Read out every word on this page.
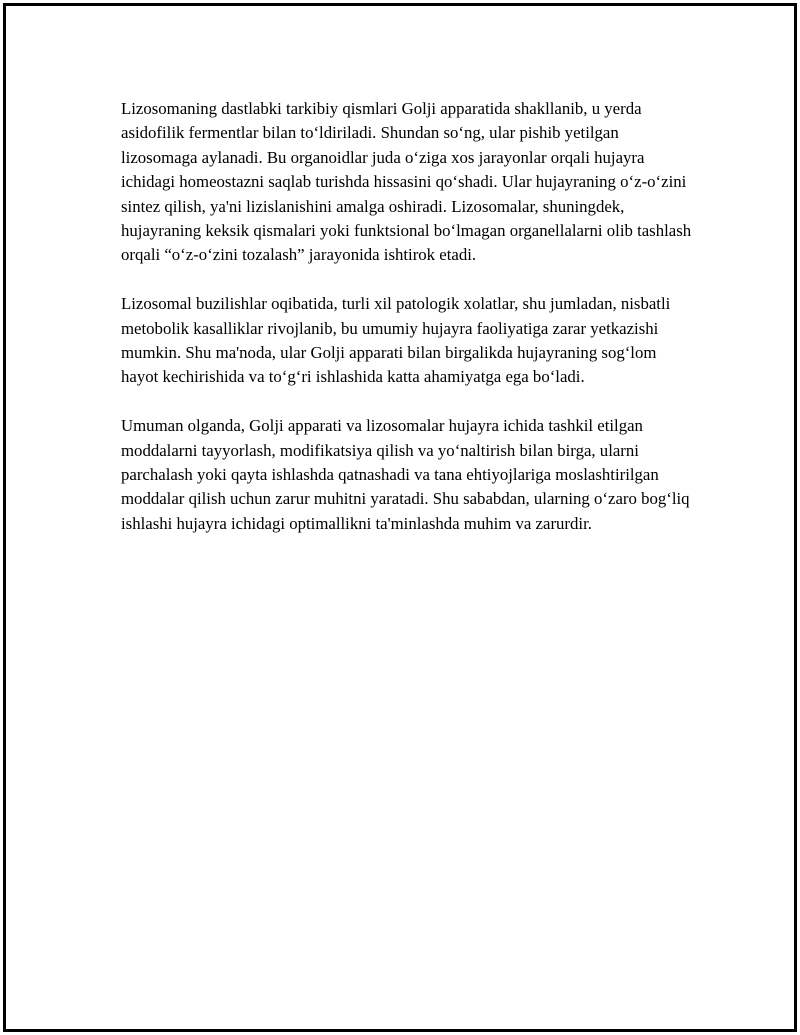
Lizosomaning dastlabki tarkibiy qismlari Golji apparatida shakllanib, u yerda asidofilik fermentlar bilan to‘ldiriladi. Shundan so‘ng, ular pishib yetilgan lizosomaga aylanadi. Bu organoidlar juda o‘ziga xos jarayonlar orqali hujayra ichidagi homeostazni saqlab turishda hissasini qo‘shadi. Ular hujayraning o‘z-o‘zini sintez qilish, ya'ni lizislanishini amalga oshiradi. Lizosomalar, shuningdek, hujayraning keksik qismalari yoki funktsional bo‘lmagan organellalarni olib tashlash orqali “o‘z-o‘zini tozalash” jarayonida ishtirok etadi.

Lizosomal buzilishlar oqibatida, turli xil patologik xolatlar, shu jumladan, nisbatli metobolik kasalliklar rivojlanib, bu umumiy hujayra faoliyatiga zarar yetkazishi mumkin. Shu ma'noda, ular Golji apparati bilan birgalikda hujayraning sog‘lom hayot kechirishida va to‘g‘ri ishlashida katta ahamiyatga ega bo‘ladi.

Umuman olganda, Golji apparati va lizosomalar hujayra ichida tashkil etilgan moddalarni tayyorlash, modifikatsiya qilish va yo‘naltirish bilan birga, ularni parchalash yoki qayta ishlashda qatnashadi va tana ehtiyojlariga moslashtirilgan moddalar qilish uchun zarur muhitni yaratadi. Shu sababdan, ularning o‘zaro bog‘liq ishlashi hujayra ichidagi optimallikni ta'minlashda muhim va zarurdir.
